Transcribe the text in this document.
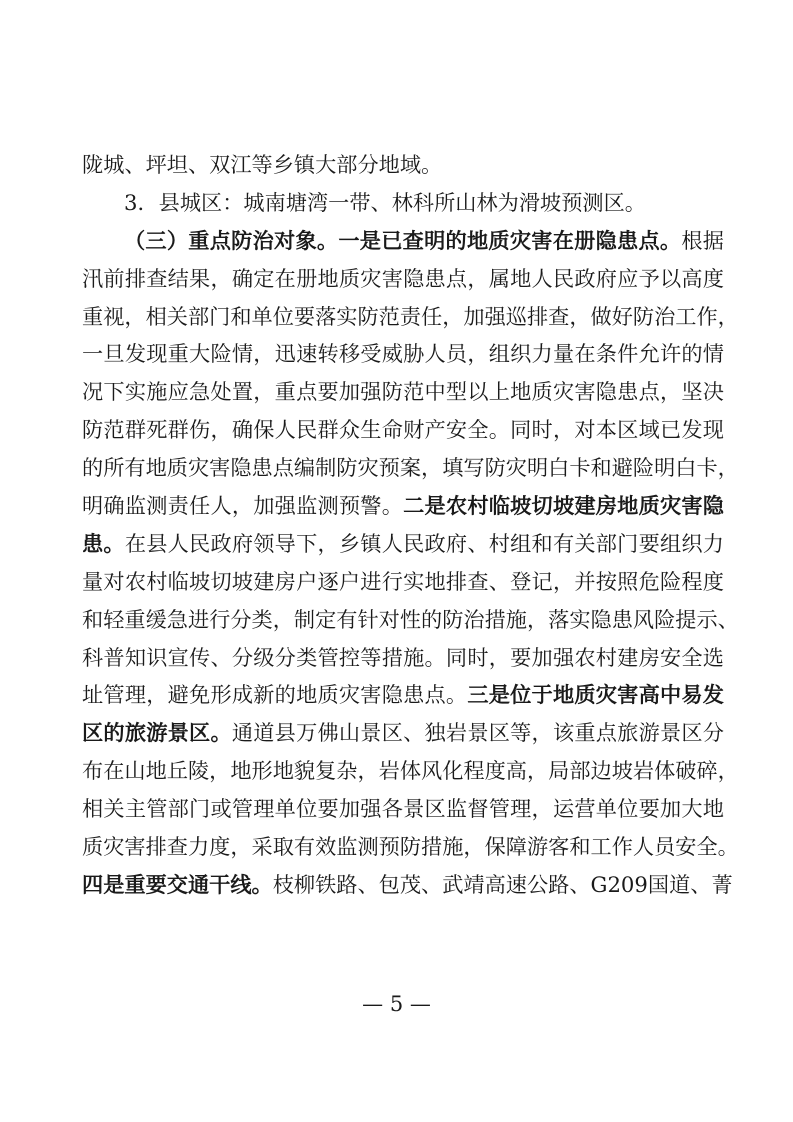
陇城、坪坦、双江等乡镇大部分地域。
3．县城区：城南塘湾一带、林科所山林为滑坡预测区。
（三）重点防治对象。一是已查明的地质灾害在册隐患点。根据
汛前排查结果，确定在册地质灾害隐患点，属地人民政府应予以高度
重视，相关部门和单位要落实防范责任，加强巡排查，做好防治工作，
一旦发现重大险情，迅速转移受威胁人员，组织力量在条件允许的情
况下实施应急处置，重点要加强防范中型以上地质灾害隐患点，坚决
防范群死群伤，确保人民群众生命财产安全。同时，对本区域已发现
的所有地质灾害隐患点编制防灾预案，填写防灾明白卡和避险明白卡，
明确监测责任人，加强监测预警。二是农村临坡切坡建房地质灾害隐
患。在县人民政府领导下，乡镇人民政府、村组和有关部门要组织力
量对农村临坡切坡建房户逐户进行实地排查、登记，并按照危险程度
和轻重缓急进行分类，制定有针对性的防治措施，落实隐患风险提示、
科普知识宣传、分级分类管控等措施。同时，要加强农村建房安全选
址管理，避免形成新的地质灾害隐患点。三是位于地质灾害高中易发
区的旅游景区。通道县万佛山景区、独岩景区等，该重点旅游景区分
布在山地丘陵，地形地貌复杂，岩体风化程度高，局部边坡岩体破碎，
相关主管部门或管理单位要加强各景区监督管理，运营单位要加大地
质灾害排查力度，采取有效监测预防措施，保障游客和工作人员安全。
四是重要交通干线。枝柳铁路、包茂、武靖高速公路、G209国道、菁
— 5 —
